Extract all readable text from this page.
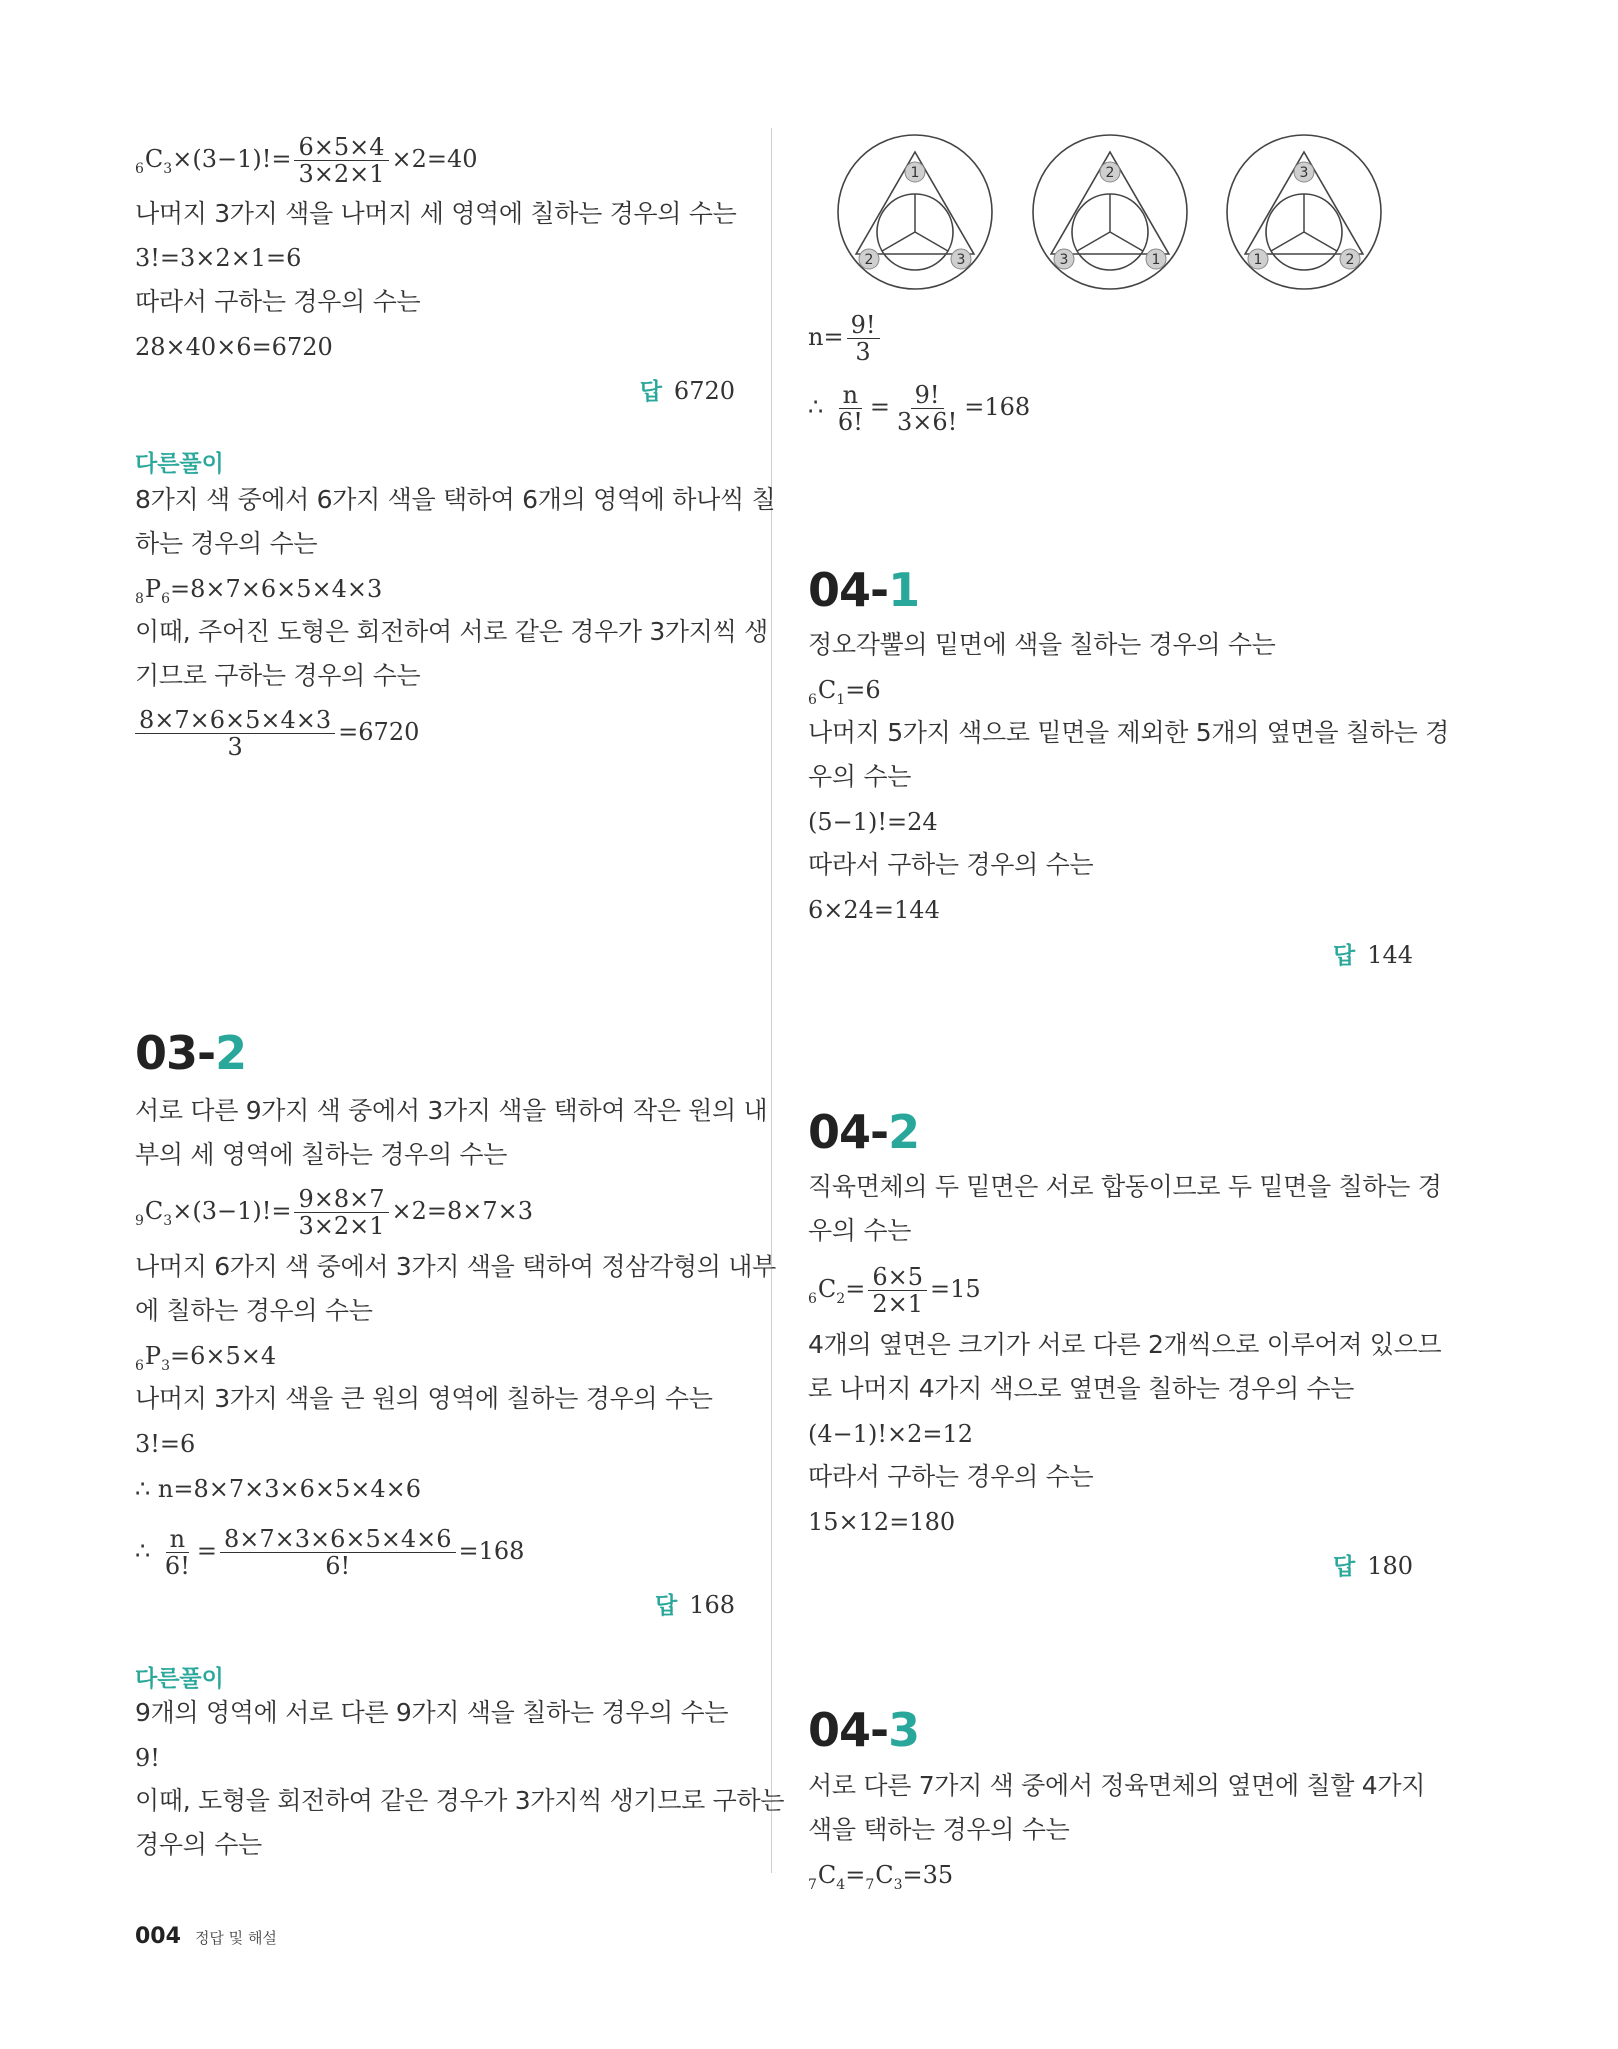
$_6C_3\times(3-1)!= \frac{6\times 5\times 4}{3\times 2\times 1} \times 2=40$
나머지 3가지 색을 나머지 세 영역에 칠하는 경우의 수는
3!=3×2×1=6
따라서 구하는 경우의 수는
28×40×6=6720
답 6720
다른풀이
8가지 색 중에서 6가지 색을 택하여 6개의 영역에 하나씩 칠
하는 경우의 수는
$_8P_6=8\times 7\times 6\times 5\times 4\times 3$
이때, 주어진 도형은 회전하여 서로 같은 경우가 3가지씩 생
기므로 구하는 경우의 수는
$\frac{8\times 7\times 6\times 5\times 4\times 3}{3} =6720$
03-2
서로 다른 9가지 색 중에서 3가지 색을 택하여 작은 원의 내
부의 세 영역에 칠하는 경우의 수는
$_9C_3\times(3-1)!= \frac{9\times 8\times 7}{3\times 2\times 1} \times 2=8\times 7\times 3$
나머지 6가지 색 중에서 3가지 색을 택하여 정삼각형의 내부
에 칠하는 경우의 수는
$_6P_3=6\times 5\times 4$
나머지 3가지 색을 큰 원의 영역에 칠하는 경우의 수는
3!=6
∴ n=8×7×3×6×5×4×6
∴ $\frac{n}{6!} = \frac{8\times 7\times 3\times 6\times 5\times 4\times 6}{6!} =168$
답 168
다른풀이
9개의 영역에 서로 다른 9가지 색을 칠하는 경우의 수는
9!
이때, 도형을 회전하여 같은 경우가 3가지씩 생기므로 구하는
경우의 수는
1
2	3
2
3	1
3
1	2
$n= \frac{9!}{3}$
∴ $\frac{n}{6!} = \frac{9!}{3\times 6!} =168$
04-1
정오각뿔의 밑면에 색을 칠하는 경우의 수는
$_6C_1=6$
나머지 5가지 색으로 밑면을 제외한 5개의 옆면을 칠하는 경
우의 수는
(5−1)!=24
따라서 구하는 경우의 수는
6×24=144
답 144
04-2
직육면체의 두 밑면은 서로 합동이므로 두 밑면을 칠하는 경
우의 수는
$_6C_2= \frac{6\times 5}{2\times 1} =15$
4개의 옆면은 크기가 서로 다른 2개씩으로 이루어져 있으므
로 나머지 4가지 색으로 옆면을 칠하는 경우의 수는
(4−1)!×2=12
따라서 구하는 경우의 수는
15×12=180
답 180
04-3
서로 다른 7가지 색 중에서 정육면체의 옆면에 칠할 4가지
색을 택하는 경우의 수는
$_7C_4=_7C_3=35$
004 정답 및 해설
